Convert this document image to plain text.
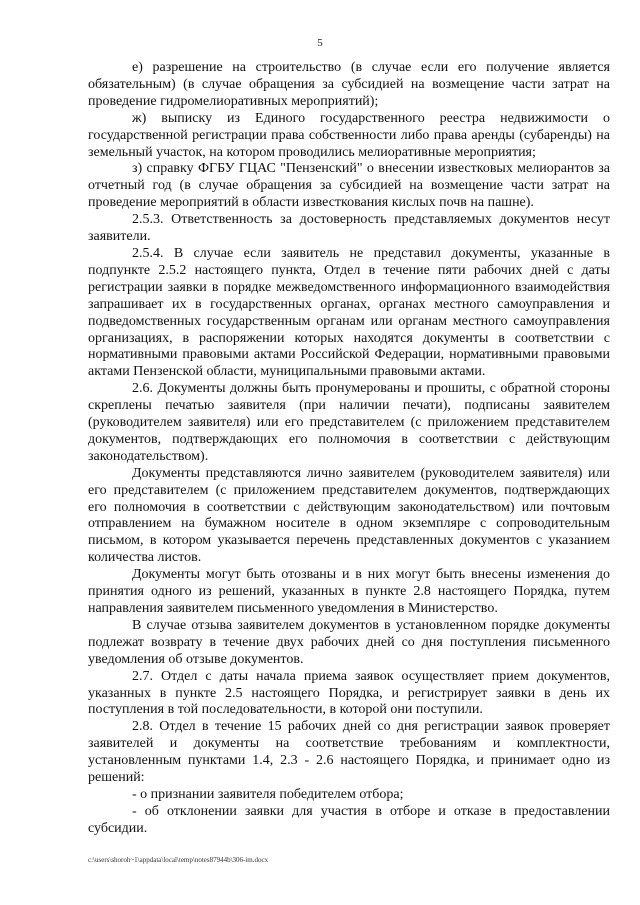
5

е) разрешение на строительство (в случае если его получение является обязательным) (в случае обращения за субсидией на возмещение части затрат на проведение гидромелиоративных мероприятий);

ж) выписку из Единого государственного реестра недвижимости о государственной регистрации права собственности либо права аренды (субаренды) на земельный участок, на котором проводились мелиоративные мероприятия;

з) справку ФГБУ ГЦАС "Пензенский" о внесении известковых мелиорантов за отчетный год (в случае обращения за субсидией на возмещение части затрат на проведение мероприятий в области известкования кислых почв на пашне).

2.5.3. Ответственность за достоверность представляемых документов несут заявители.

2.5.4. В случае если заявитель не представил документы, указанные в подпункте 2.5.2 настоящего пункта, Отдел в течение пяти рабочих дней с даты регистрации заявки в порядке межведомственного информационного взаимодействия запрашивает их в государственных органах, органах местного самоуправления и подведомственных государственным органам или органам местного самоуправления организациях, в распоряжении которых находятся документы в соответствии с нормативными правовыми актами Российской Федерации, нормативными правовыми актами Пензенской области, муниципальными правовыми актами.

2.6. Документы должны быть пронумерованы и прошиты, с обратной стороны скреплены печатью заявителя (при наличии печати), подписаны заявителем (руководителем заявителя) или его представителем (с приложением представителем документов, подтверждающих его полномочия в соответствии с действующим законодательством).

Документы представляются лично заявителем (руководителем заявителя) или его представителем (с приложением представителем документов, подтверждающих его полномочия в соответствии с действующим законодательством) или почтовым отправлением на бумажном носителе в одном экземпляре с сопроводительным письмом, в котором указывается перечень представленных документов с указанием количества листов.

Документы могут быть отозваны и в них могут быть внесены изменения до принятия одного из решений, указанных в пункте 2.8 настоящего Порядка, путем направления заявителем письменного уведомления в Министерство.

В случае отзыва заявителем документов в установленном порядке документы подлежат возврату в течение двух рабочих дней со дня поступления письменного уведомления об отзыве документов.

2.7. Отдел с даты начала приема заявок осуществляет прием документов, указанных в пункте 2.5 настоящего Порядка, и регистрирует заявки в день их поступления в той последовательности, в которой они поступили.

2.8. Отдел в течение 15 рабочих дней со дня регистрации заявок проверяет заявителей и документы на соответствие требованиям и комплектности, установленным пунктами 1.4, 2.3 - 2.6 настоящего Порядка, и принимает одно из решений:

- о признании заявителя победителем отбора;

- об отклонении заявки для участия в отборе и отказе в предоставлении субсидии.

c:\users\shoroh~1\appdata\local\temp\notes87944b\306-im.docx
